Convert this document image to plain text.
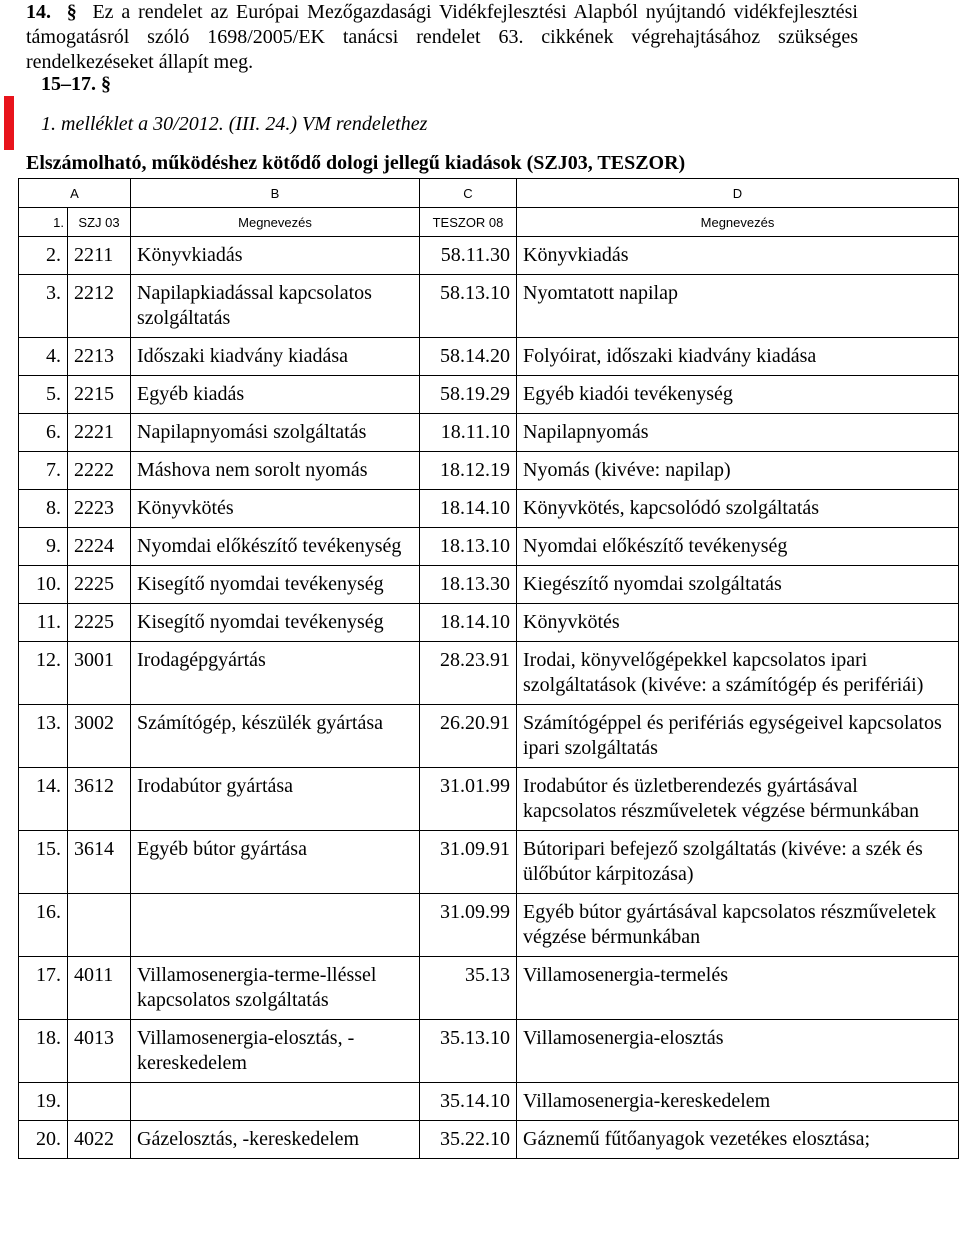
14. § Ez a rendelet az Európai Mezőgazdasági Vidékfejlesztési Alapból nyújtandó vidékfejlesztési támogatásról szóló 1698/2005/EK tanácsi rendelet 63. cikkének végrehajtásához szükséges rendelkezéseket állapít meg.

15–17. §
1. melléklet a 30/2012. (III. 24.) VM rendelethez
Elszámolható, működéshez kötődő dologi jellegű kiadások (SZJ03, TESZOR)
A		B	C	D
1.	SZJ 03	Megnevezés	TESZOR 08	Megnevezés
2.	2211	Könyvkiadás	58.11.30	Könyvkiadás
3.	2212	Napilapkiadással kapcsolatos szolgáltatás	58.13.10	Nyomtatott napilap
4.	2213	Időszaki kiadvány kiadása	58.14.20	Folyóirat, időszaki kiadvány kiadása
5.	2215	Egyéb kiadás	58.19.29	Egyéb kiadói tevékenység
6.	2221	Napilapnyomási szolgáltatás	18.11.10	Napilapnyomás
7.	2222	Máshova nem sorolt nyomás	18.12.19	Nyomás (kivéve: napilap)
8.	2223	Könyvkötés	18.14.10	Könyvkötés, kapcsolódó szolgáltatás
9.	2224	Nyomdai előkészítő tevékenység	18.13.10	Nyomdai előkészítő tevékenység
10.	2225	Kisegítő nyomdai tevékenység	18.13.30	Kiegészítő nyomdai szolgáltatás
11.	2225	Kisegítő nyomdai tevékenység	18.14.10	Könyvkötés
12.	3001	Irodagépgyártás	28.23.91	Irodai, könyvelőgépekkel kapcsolatos ipari szolgáltatások (kivéve: a számítógép és perifériái)
13.	3002	Számítógép, készülék gyártása	26.20.91	Számítógéppel és perifériás egységeivel kapcsolatos ipari szolgáltatás
14.	3612	Irodabútor gyártása	31.01.99	Irodabútor és üzletberendezés gyártásával kapcsolatos részműveletek végzése bérmunkában
15.	3614	Egyéb bútor gyártása	31.09.91	Bútoripari befejező szolgáltatás (kivéve: a szék és ülőbútor kárpitozása)
16.			31.09.99	Egyéb bútor gyártásával kapcsolatos részműveletek végzése bérmunkában
17.	4011	Villamosenergia-terme-lléssel kapcsolatos szolgáltatás	35.13	Villamosenergia-termelés
18.	4013	Villamosenergia-elosztás, -kereskedelem	35.13.10	Villamosenergia-elosztás
19.			35.14.10	Villamosenergia-kereskedelem
20.	4022	Gázelosztás, -kereskedelem	35.22.10	Gáznemű fűtőanyagok vezetékes elosztása;
